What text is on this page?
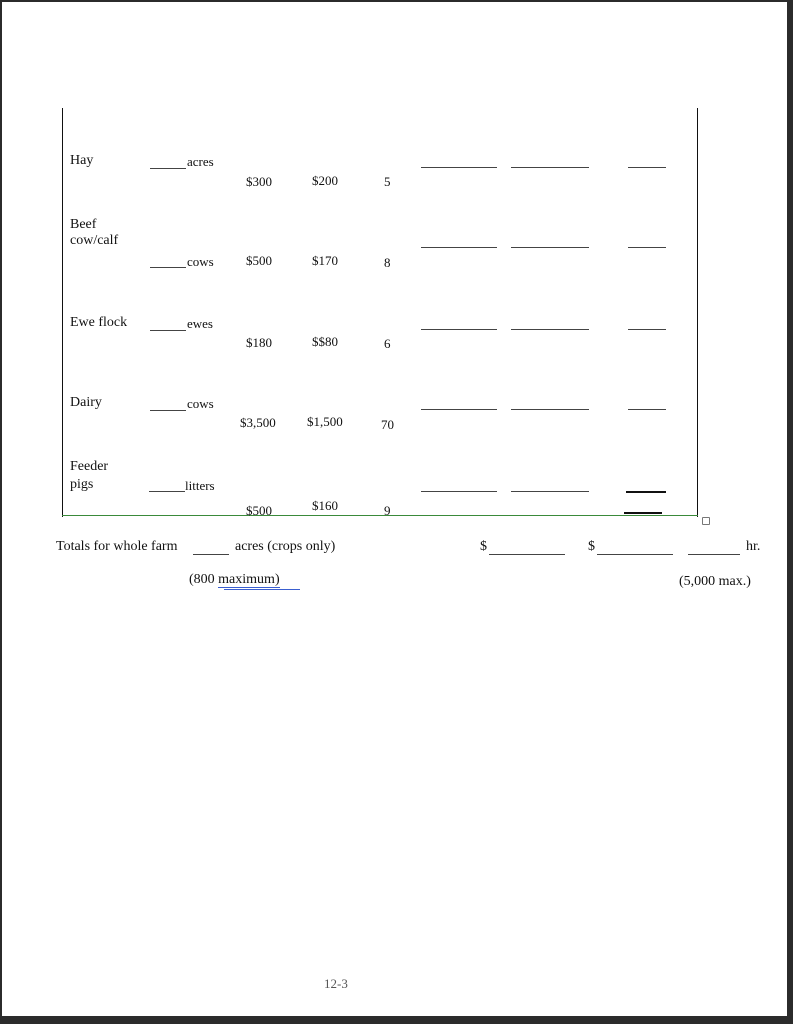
Hay	acres
$300	$200	5
Beef
cow/calf
cows $500	$170	8
Ewe flock	ewes
$180	$$80	6
Dairy	cows
$3,500 $1,500	70
Feeder
pigs	litters
$500	$160	9
Totals for whole farm	acres (crops only)	$	$	hr.
(800 maximum)	(5,000 max.)
12-3
